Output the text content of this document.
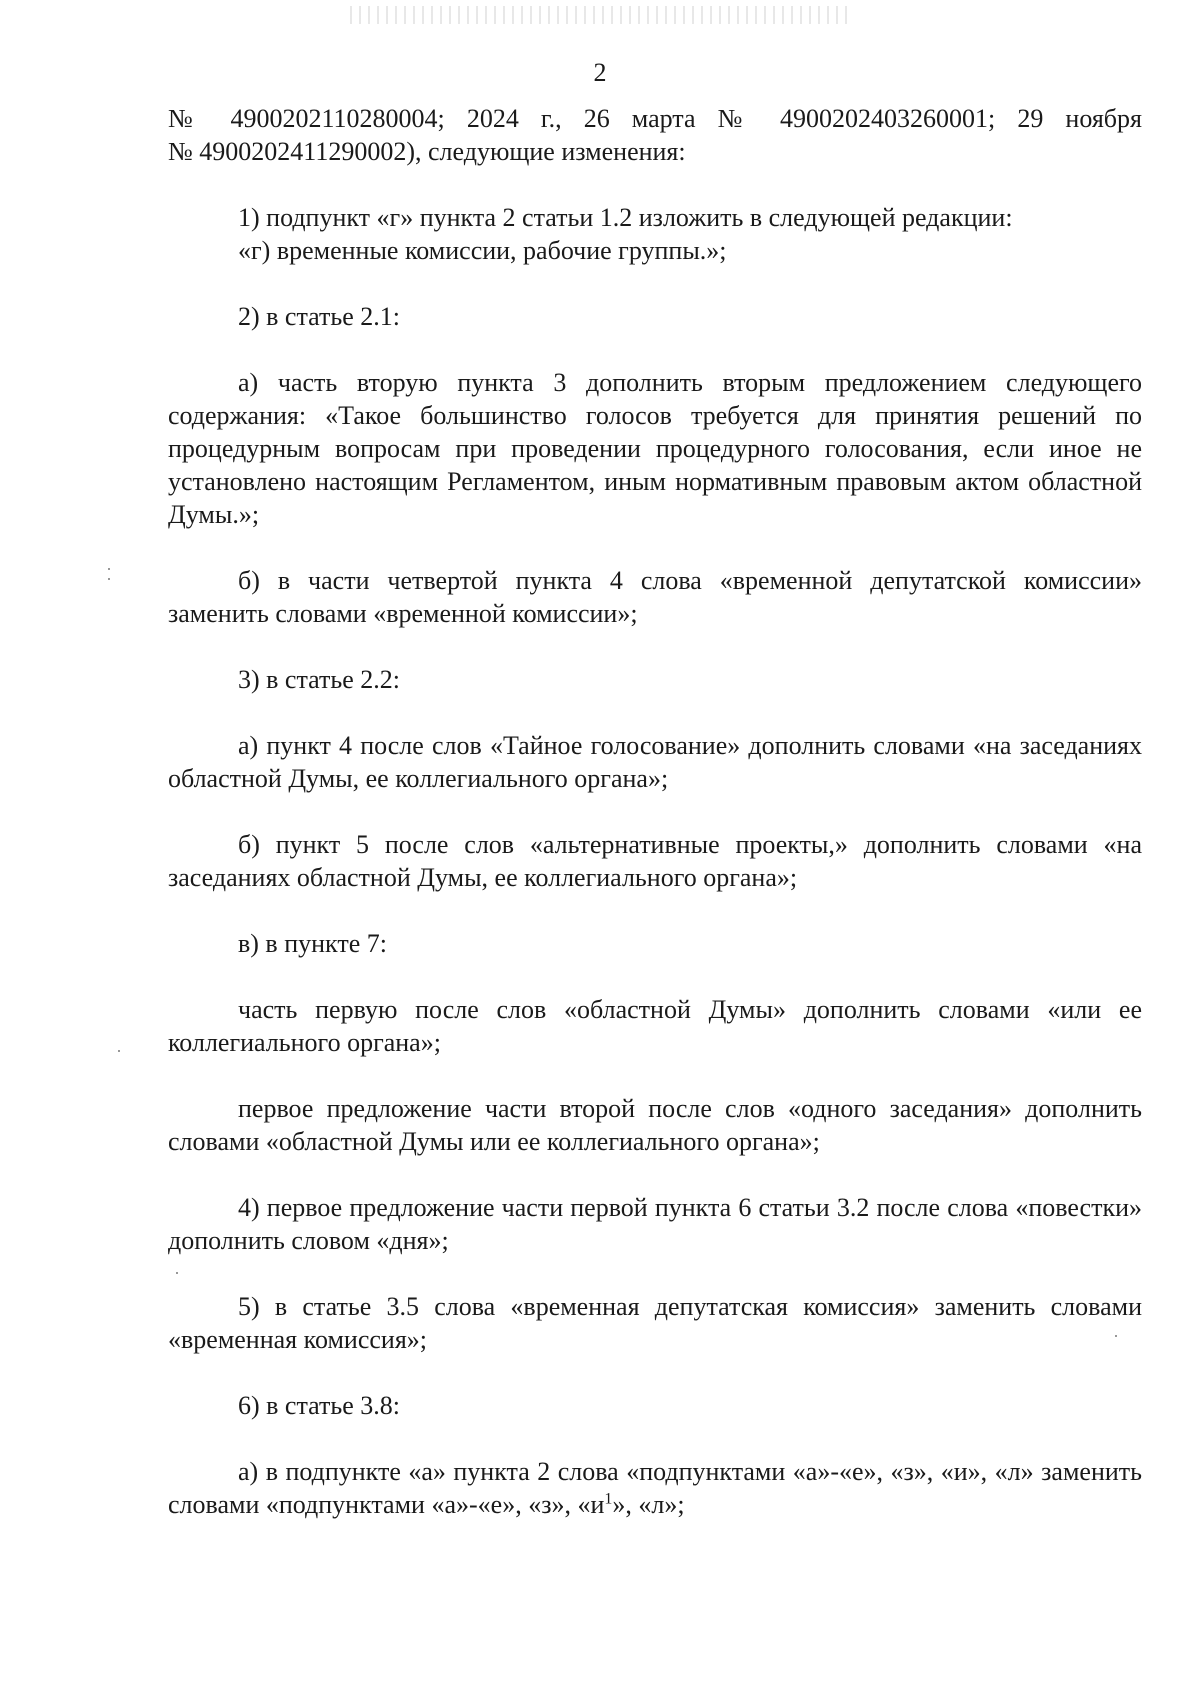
2

№ 4900202110280004; 2024 г., 26 марта № 4900202403260001; 29 ноября
№ 4900202411290002), следующие изменения:

1) подпункт «г» пункта 2 статьи 1.2 изложить в следующей редакции:
«г) временные комиссии, рабочие группы.»;

2) в статье 2.1:

а) часть вторую пункта 3 дополнить вторым предложением следующего содержания: «Такое большинство голосов требуется для принятия решений по процедурным вопросам при проведении процедурного голосования, если иное не установлено настоящим Регламентом, иным нормативным правовым актом областной Думы.»;

б) в части четвертой пункта 4 слова «временной депутатской комиссии» заменить словами «временной комиссии»;

3) в статье 2.2:

а) пункт 4 после слов «Тайное голосование» дополнить словами «на заседаниях областной Думы, ее коллегиального органа»;

б) пункт 5 после слов «альтернативные проекты,» дополнить словами «на заседаниях областной Думы, ее коллегиального органа»;

в) в пункте 7:

часть первую после слов «областной Думы» дополнить словами «или ее коллегиального органа»;

первое предложение части второй после слов «одного заседания» дополнить словами «областной Думы или ее коллегиального органа»;

4) первое предложение части первой пункта 6 статьи 3.2 после слова «повестки» дополнить словом «дня»;

5) в статье 3.5 слова «временная депутатская комиссия» заменить словами «временная комиссия»;

6) в статье 3.8:

а) в подпункте «а» пункта 2 слова «подпунктами «а»-«е», «з», «и», «л» заменить словами «подпунктами «а»-«е», «з», «$и^1$», «л»;
